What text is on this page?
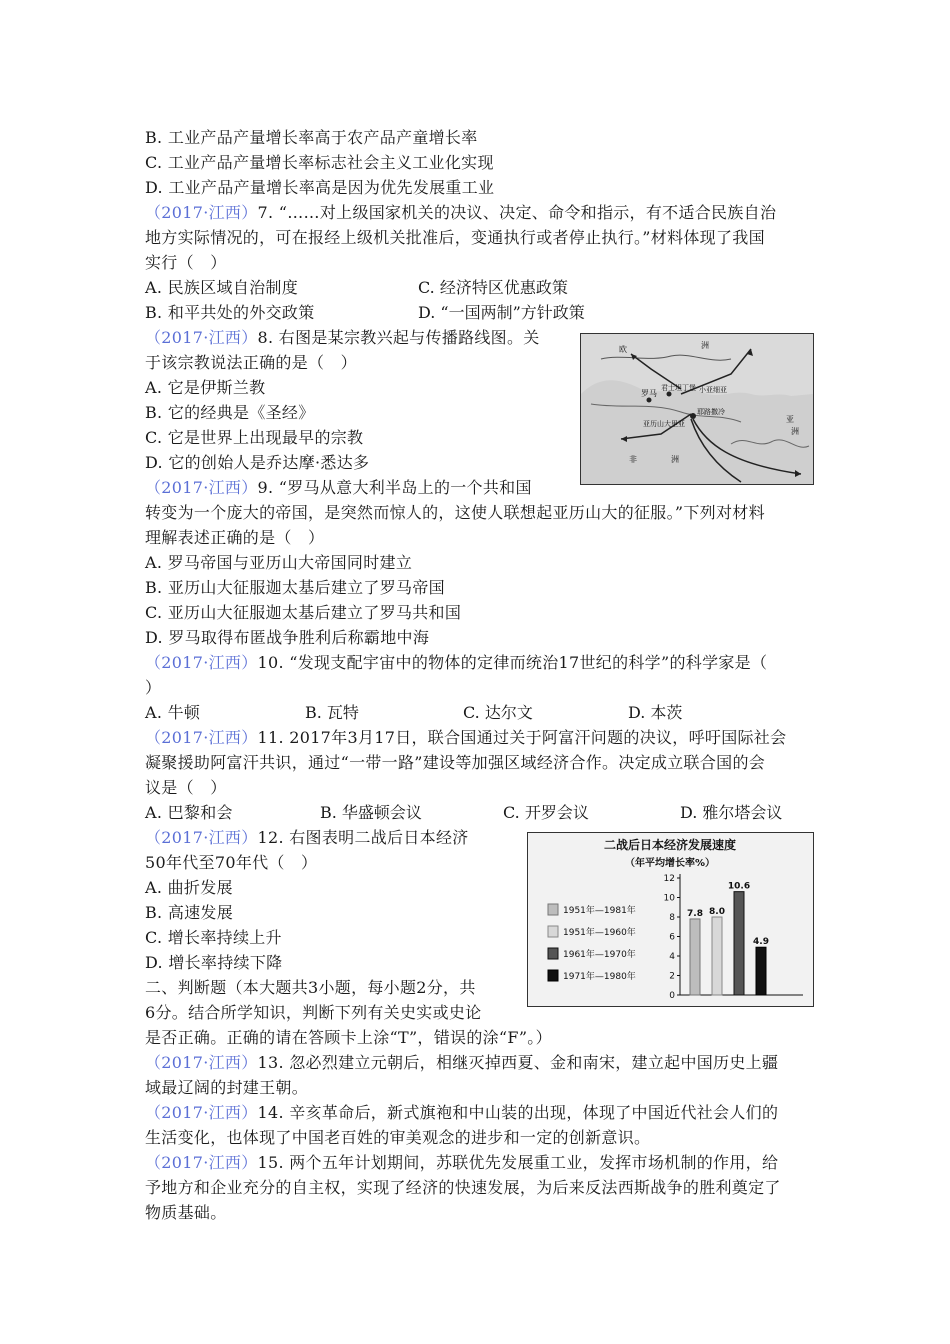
B. 工业产品产量增长率高于农产品产童增长率
C. 工业产品产量增长率标志社会主义工业化实现
D. 工业产品产量增长率高是因为优先发展重工业
（2017·江西）7. “……对上级国家机关的决议、决定、命令和指示，有不适合民族自治
地方实际情况的，可在报经上级机关批准后，变通执行或者停止执行。”材料体现了我国
实行（　）
A. 民族区域自治制度	C. 经济特区优惠政策
B. 和平共处的外交政策	D. “一国两制”方针政策
（2017·江西）8. 右图是某宗教兴起与传播路线图。关
于该宗教说法正确的是（　）
A. 它是伊斯兰教
B. 它的经典是《圣经》
C. 它是世界上出现最早的宗教
D. 它的创始人是乔达摩·悉达多
欧	洲
罗马
君士坦丁堡 小亚细亚
亚
洲
亚历山大里亚
耶路撒冷
非	洲
（2017·江西）9. “罗马从意大利半岛上的一个共和国
转变为一个庞大的帝国，是突然而惊人的，这使人联想起亚历山大的征服。”下列对材料
理解表述正确的是（　）
A. 罗马帝国与亚历山大帝国同时建立
B. 亚历山大征服迦太基后建立了罗马帝国
C. 亚历山大征服迦太基后建立了罗马共和国
D. 罗马取得布匿战争胜利后称霸地中海
（2017·江西）10. “发现支配宇宙中的物体的定律而统治17世纪的科学”的科学家是（
）
A. 牛顿	B. 瓦特	C. 达尔文	D. 本茨
（2017·江西）11. 2017年3月17日，联合国通过关于阿富汗问题的决议，呼吁国际社会
凝聚援助阿富汗共识，通过“一带一路”建设等加强区域经济合作。决定成立联合国的会
议是（　）
A. 巴黎和会	B. 华盛顿会议	C. 开罗会议	D. 雅尔塔会议
（2017·江西）12. 右图表明二战后日本经济
50年代至70年代（　）
A. 曲折发展
B. 高速发展
C. 增长率持续上升
D. 增长率持续下降
二战后日本经济发展速度
（年平均增长率%）
0
2
4
6
8
10
12
1951年—1981年
1951年—1960年
1961年—1970年
1971年—1980年
7.8 8.0
10.6
4.9
二、判断题（本大题共3小题，每小题2分，共
6分。结合所学知识，判断下列有关史实或史论
是否正确。正确的请在答顾卡上涂“T”，错误的涂“F”。）
（2017·江西）13. 忽必烈建立元朝后，相继灭掉西夏、金和南宋，建立起中国历史上疆
域最辽阔的封建王朝。
（2017·江西）14. 辛亥革命后，新式旗袍和中山装的出现，体现了中国近代社会人们的
生活变化，也体现了中国老百姓的审美观念的进步和一定的创新意识。
（2017·江西）15. 两个五年计划期间，苏联优先发展重工业，发挥市场机制的作用，给
予地方和企业充分的自主权，实现了经济的快速发展，为后来反法西斯战争的胜利奠定了
物质基础。
